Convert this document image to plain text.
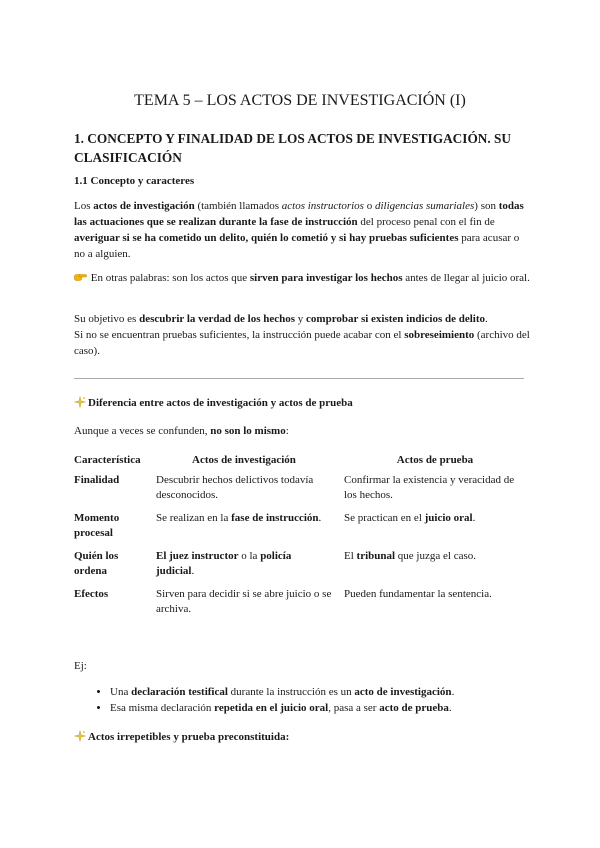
TEMA 5 – LOS ACTOS DE INVESTIGACIÓN (I)
1. CONCEPTO Y FINALIDAD DE LOS ACTOS DE INVESTIGACIÓN. SU CLASIFICACIÓN
1.1 Concepto y caracteres
Los actos de investigación (también llamados actos instructorios o diligencias sumariales) son todas las actuaciones que se realizan durante la fase de instrucción del proceso penal con el fin de averiguar si se ha cometido un delito, quién lo cometió y si hay pruebas suficientes para acusar o no a alguien.
En otras palabras: son los actos que sirven para investigar los hechos antes de llegar al juicio oral.
Su objetivo es descubrir la verdad de los hechos y comprobar si existen indicios de delito.
Si no se encuentran pruebas suficientes, la instrucción puede acabar con el sobreseimiento (archivo del caso).
Diferencia entre actos de investigación y actos de prueba
Aunque a veces se confunden, no son lo mismo:
Característica	Actos de investigación	Actos de prueba
Finalidad	Descubrir hechos delictivos todavía desconocidos.	Confirmar la existencia y veracidad de los hechos.
Momento procesal	Se realizan en la fase de instrucción.	Se practican en el juicio oral.
Quién los ordena	El juez instructor o la policía judicial.	El tribunal que juzga el caso.
Efectos	Sirven para decidir si se abre juicio o se archiva.	Pueden fundamentar la sentencia.
Ej:
• Una declaración testifical durante la instrucción es un acto de investigación.
• Esa misma declaración repetida en el juicio oral, pasa a ser acto de prueba.
Actos irrepetibles y prueba preconstituida:
